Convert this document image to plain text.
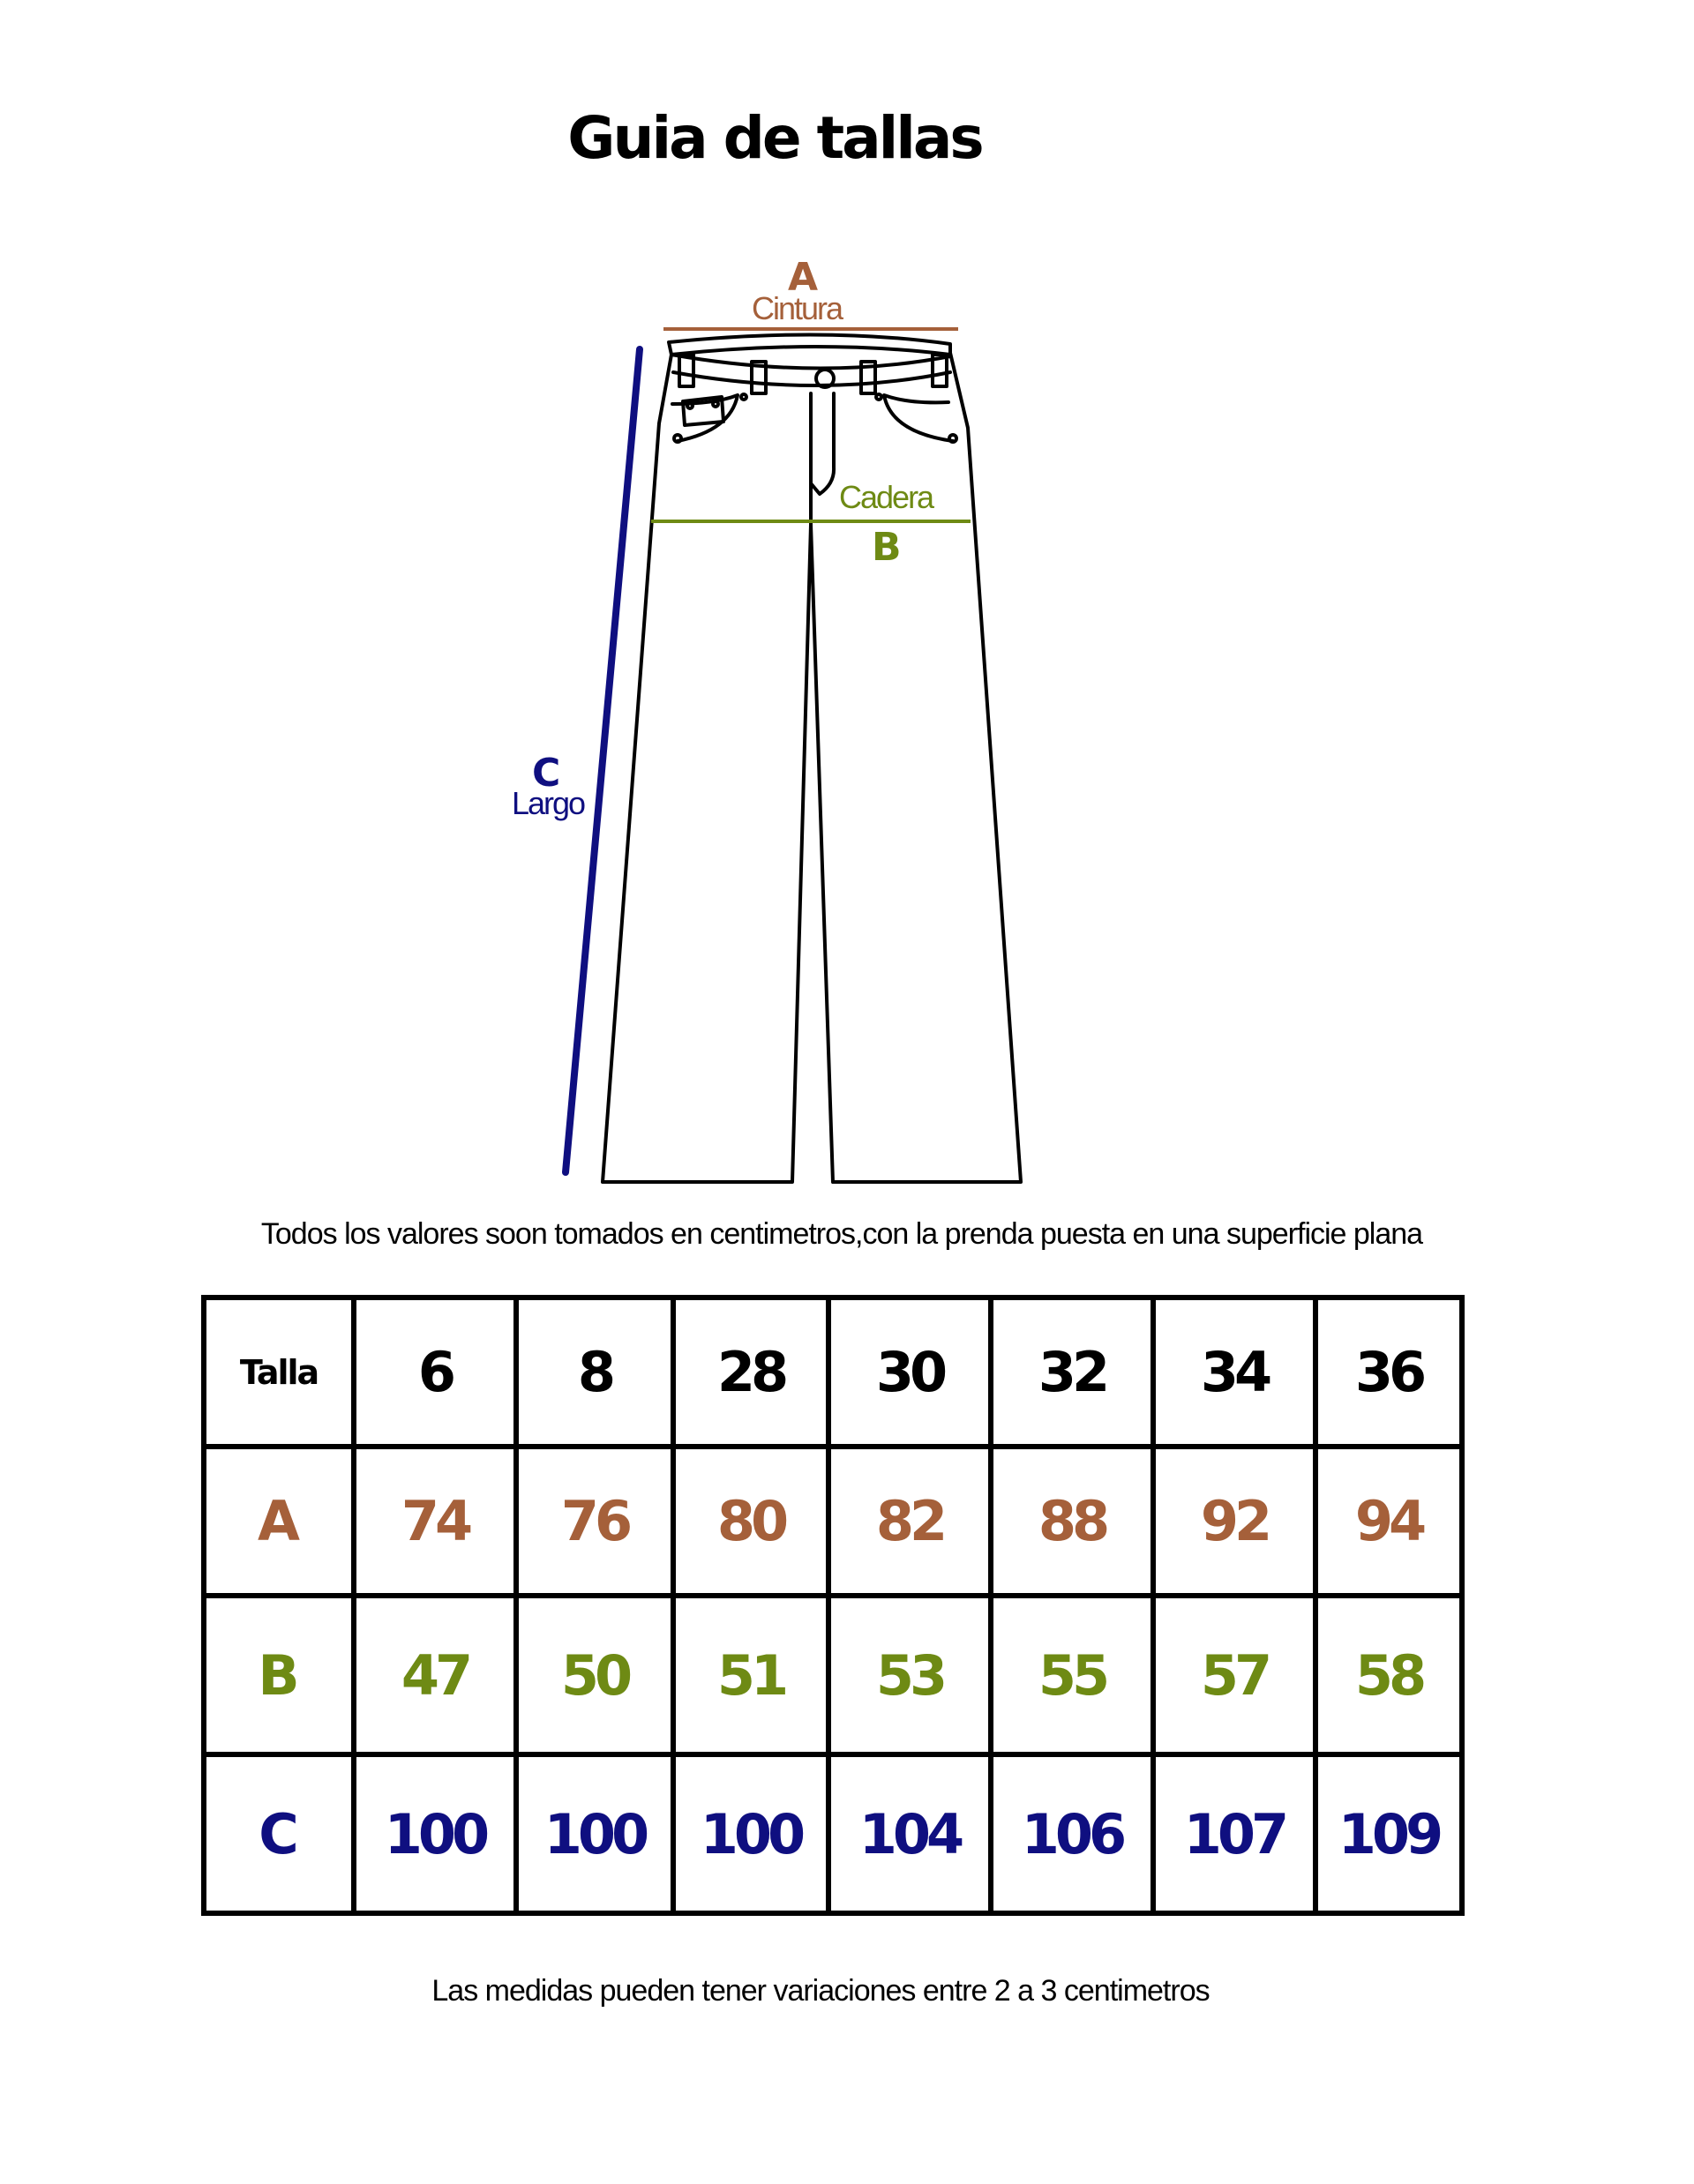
Guia de tallas
A
Cintura
Cadera
B
C
Largo
Todos los valores soon tomados en centimetros,con la prenda puesta en una superficie plana
Talla	6	8	28	30	32	34	36
A	74	76	80	82	88	92	94
B	47	50	51	53	55	57	58
C	100	100	100	104	106	107	109
Las medidas pueden tener variaciones entre 2 a 3 centimetros
